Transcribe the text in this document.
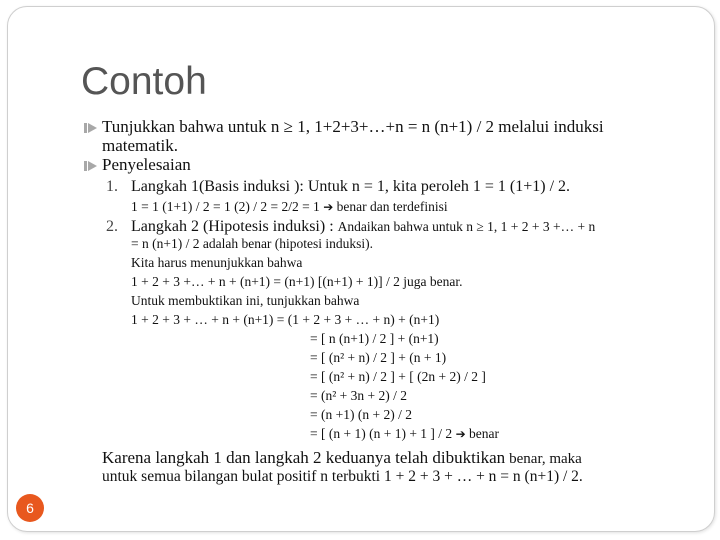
Contoh
Tunjukkan bahwa untuk n ≥ 1, 1+2+3+…+n = n (n+1) / 2 melalui induksi
matematik.
Penyelesaian
1. Langkah 1(Basis induksi ): Untuk n = 1, kita peroleh 1 = 1 (1+1) / 2.
1 = 1 (1+1) / 2 = 1 (2) / 2 = 2/2 = 1 ➔ benar dan terdefinisi
2. Langkah 2 (Hipotesis induksi) : Andaikan bahwa untuk n ≥ 1, 1 + 2 + 3 +… + n
= n (n+1) / 2 adalah benar (hipotesi induksi).
Kita harus menunjukkan bahwa
1 + 2 + 3 +… + n + (n+1) = (n+1) [(n+1) + 1)] / 2 juga benar.
Untuk membuktikan ini, tunjukkan bahwa
1 + 2 + 3 + … + n + (n+1) = (1 + 2 + 3 + … + n) + (n+1)
= [ n (n+1) / 2 ] + (n+1)
= [ (n² + n) / 2 ] + (n + 1)
= [ (n² + n) / 2 ] + [ (2n + 2) / 2 ]
= (n² + 3n + 2) / 2
= (n +1) (n + 2) / 2
= [ (n + 1) (n + 1) + 1 ] / 2 ➔ benar
Karena langkah 1 dan langkah 2 keduanya telah dibuktikan benar, maka
untuk semua bilangan bulat positif n terbukti 1 + 2 + 3 + … + n = n (n+1) / 2.
6
